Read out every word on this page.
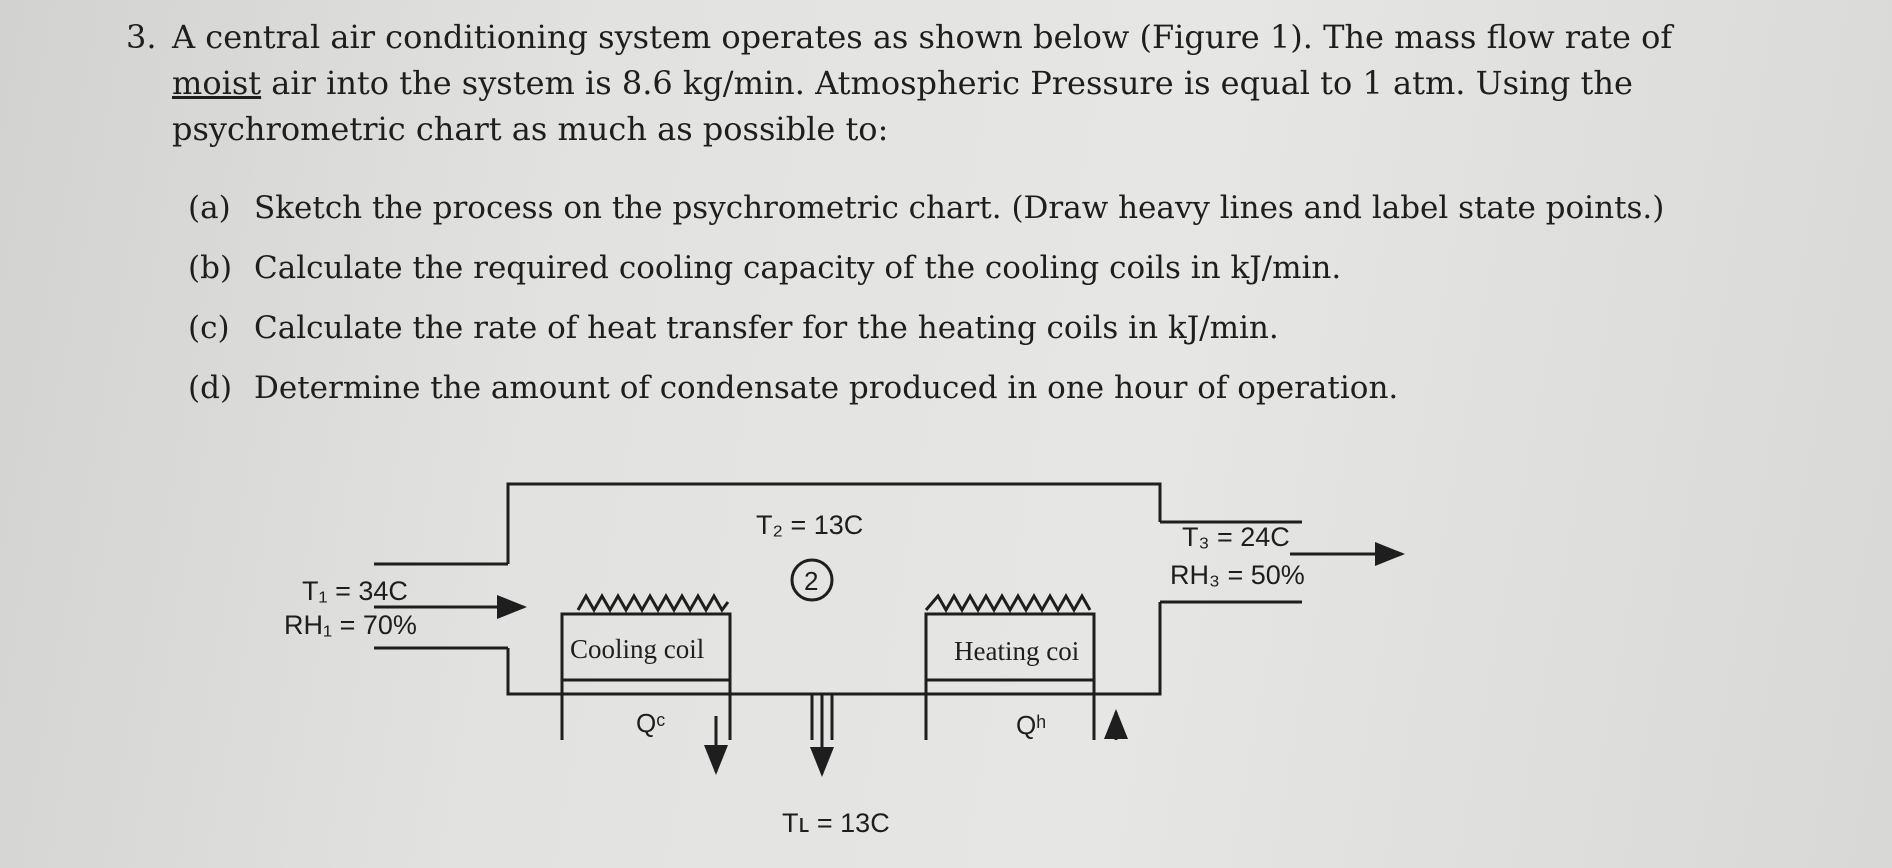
3. A central air conditioning system operates as shown below (Figure 1). The mass flow rate of
moist air into the system is 8.6 kg/min. Atmospheric Pressure is equal to 1 atm. Using the
psychrometric chart as much as possible to:
(a) Sketch the process on the psychrometric chart. (Draw heavy lines and label state points.)
(b) Calculate the required cooling capacity of the cooling coils in kJ/min.
(c) Calculate the rate of heat transfer for the heating coils in kJ/min.
(d) Determine the amount of condensate produced in one hour of operation.
T₁ = 34C
RH₁ = 70%
T₂ = 13C
2
T₃ = 24C
RH₃ = 50%
Cooling coil	Heating coi
Qᶜ	Qʰ
Tʟ = 13C
